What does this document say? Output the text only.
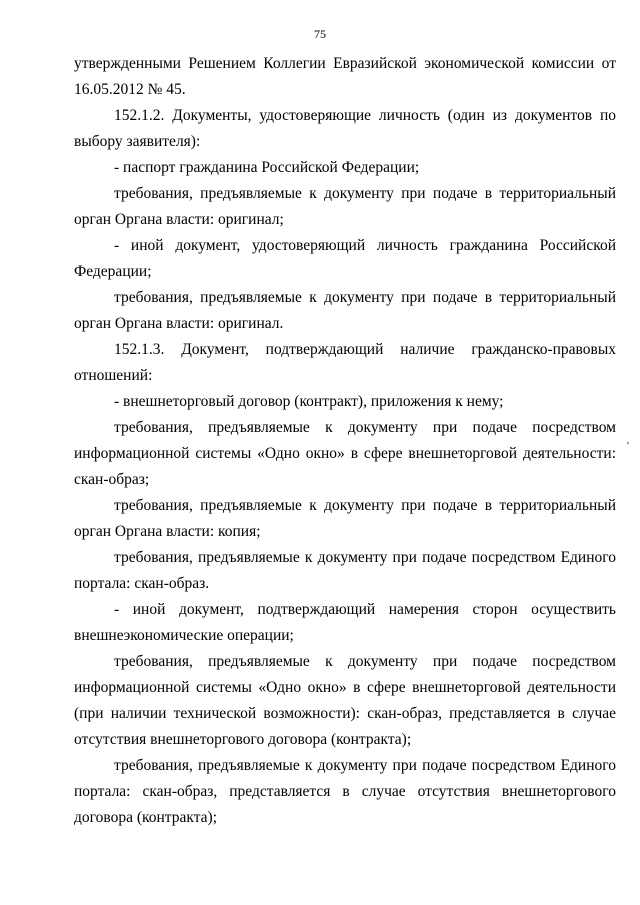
75

утвержденными Решением Коллегии Евразийской экономической комиссии от 16.05.2012 № 45.

152.1.2. Документы, удостоверяющие личность (один из документов по выбору заявителя):

- паспорт гражданина Российской Федерации;

требования, предъявляемые к документу при подаче в территориальный орган Органа власти: оригинал;

- иной документ, удостоверяющий личность гражданина Российской Федерации;

требования, предъявляемые к документу при подаче в территориальный орган Органа власти: оригинал.

152.1.3. Документ, подтверждающий наличие гражданско-правовых отношений:

- внешнеторговый договор (контракт), приложения к нему;

требования, предъявляемые к документу при подаче посредством информационной системы «Одно окно» в сфере внешнеторговой деятельности: скан-образ;

требования, предъявляемые к документу при подаче в территориальный орган Органа власти: копия;

требования, предъявляемые к документу при подаче посредством Единого портала: скан-образ.

- иной документ, подтверждающий намерения сторон осуществить внешнеэкономические операции;

требования, предъявляемые к документу при подаче посредством информационной системы «Одно окно» в сфере внешнеторговой деятельности (при наличии технической возможности): скан-образ, представляется в случае отсутствия внешнеторгового договора (контракта);

требования, предъявляемые к документу при подаче посредством Единого портала: скан-образ, представляется в случае отсутствия внешнеторгового договора (контракта);

ʼ
